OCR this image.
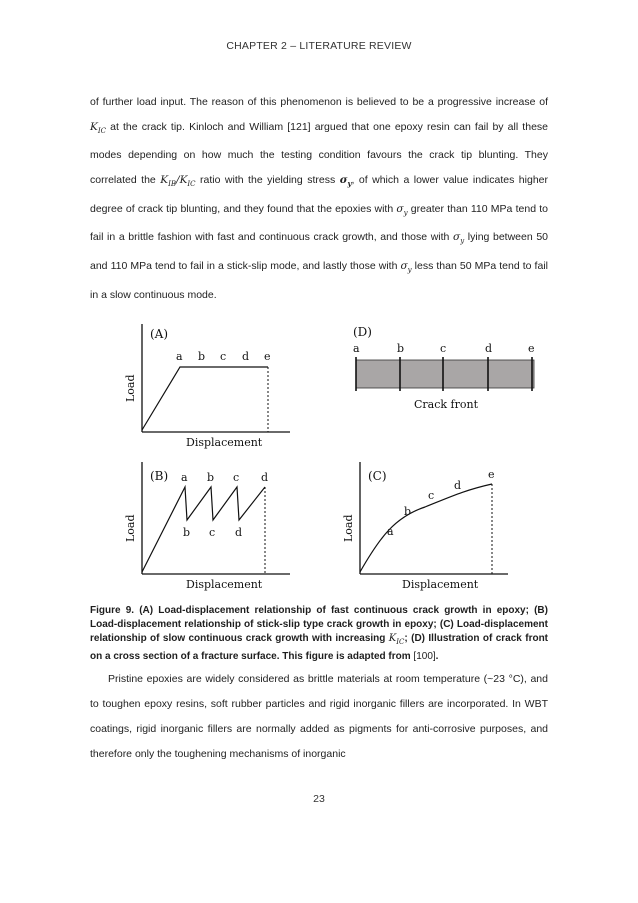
CHAPTER 2 – LITERATURE REVIEW

of further load input. The reason of this phenomenon is believed to be a progressive increase of $K_{IC}$ at the crack tip. Kinloch and William [121] argued that one epoxy resin can fail by all these modes depending on how much the testing condition favours the crack tip blunting. They correlated the $K_{IB}/K_{IC}$ ratio with the yielding stress $\sigma_y$, of which a lower value indicates higher degree of crack tip blunting, and they found that the epoxies with $\sigma_y$ greater than 110 MPa tend to fail in a brittle fashion with fast and continuous crack growth, and those with $\sigma_y$ lying between 50 and 110 MPa tend to fail in a stick-slip mode, and lastly those with $\sigma_y$ less than 50 MPa tend to fail in a slow continuous mode.

(A)
a b c d e
Load
Displacement
(D)
a	b	c	d	e
Crack front
(B) a b c d
b c d
Load
Displacement
(C)
a
b
c
d
e
Load
Displacement
Figure 9. (A) Load-displacement relationship of fast continuous crack growth in epoxy; (B) Load-displacement relationship of stick-slip type crack growth in epoxy; (C) Load-displacement relationship of slow continuous crack growth with increasing $K_{IC}$; (D) Illustration of crack front on a cross section of a fracture surface. This figure is adapted from [100].

Pristine epoxies are widely considered as brittle materials at room temperature (~23 °C), and to toughen epoxy resins, soft rubber particles and rigid inorganic fillers are incorporated. In WBT coatings, rigid inorganic fillers are normally added as pigments for anti-corrosive purposes, and therefore only the toughening mechanisms of inorganic

23
